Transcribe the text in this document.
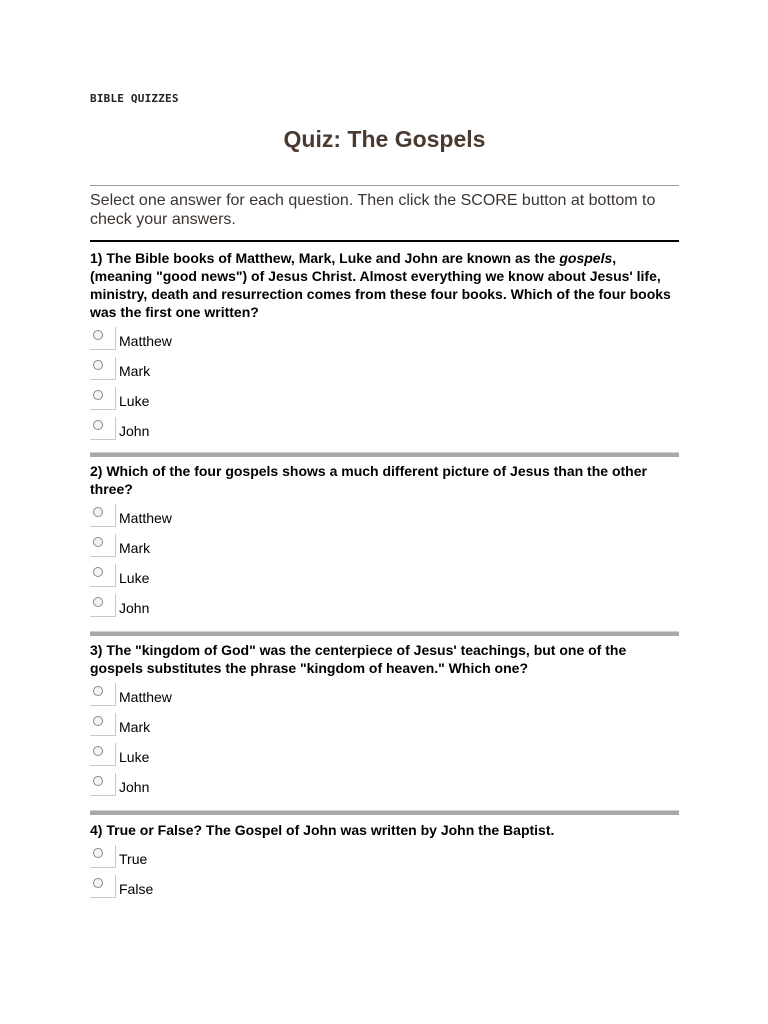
BIBLE QUIZZES
Quiz: The Gospels
Select one answer for each question. Then click the SCORE button at bottom to check your answers.

1) The Bible books of Matthew, Mark, Luke and John are known as the gospels, (meaning "good news") of Jesus Christ. Almost everything we know about Jesus' life, ministry, death and resurrection comes from these four books. Which of the four books was the first one written?

Matthew
Mark
Luke
John

2) Which of the four gospels shows a much different picture of Jesus than the other three?

Matthew
Mark
Luke
John

3) The "kingdom of God" was the centerpiece of Jesus' teachings, but one of the gospels substitutes the phrase "kingdom of heaven." Which one?

Matthew
Mark
Luke
John

4) True or False? The Gospel of John was written by John the Baptist.

True
False
